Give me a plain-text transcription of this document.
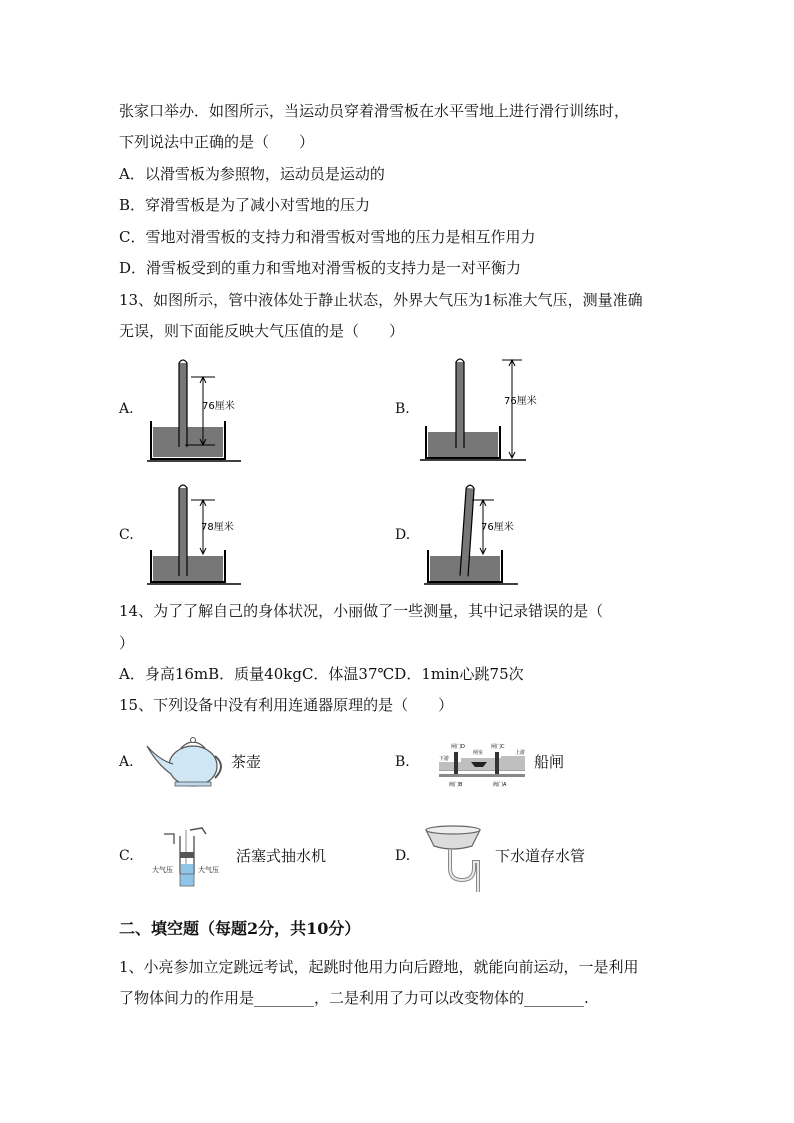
张家口举办．如图所示，当运动员穿着滑雪板在水平雪地上进行滑行训练时，
下列说法中正确的是（　　）
A．以滑雪板为参照物，运动员是运动的
B．穿滑雪板是为了减小对雪地的压力
C．雪地对滑雪板的支持力和滑雪板对雪地的压力是相互作用力
D．滑雪板受到的重力和雪地对滑雪板的支持力是一对平衡力
13、如图所示，管中液体处于静止状态，外界大气压为1标准大气压，测量准确
无误，则下面能反映大气压值的是（　　）
A.	B.
C.	D.
76厘米	76厘米
78厘米	76厘米
14、为了了解自己的身体状况，小丽做了一些测量，其中记录错误的是（
）
A．身高16mB．质量40kgC．体温37℃D．1min心跳75次
15、下列设备中没有利用连通器原理的是（　　）
A.	B.
C.	D.
茶壶
闸门D	闸门C
闸室
下游
上游
阀门B	阀门A
船闸
大气压	大气压
活塞式抽水机	下水道存水管
二、填空题（每题2分，共10分）
1、小亮参加立定跳远考试，起跳时他用力向后蹬地，就能向前运动，一是利用
了物体间力的作用是________，二是利用了力可以改变物体的________.
